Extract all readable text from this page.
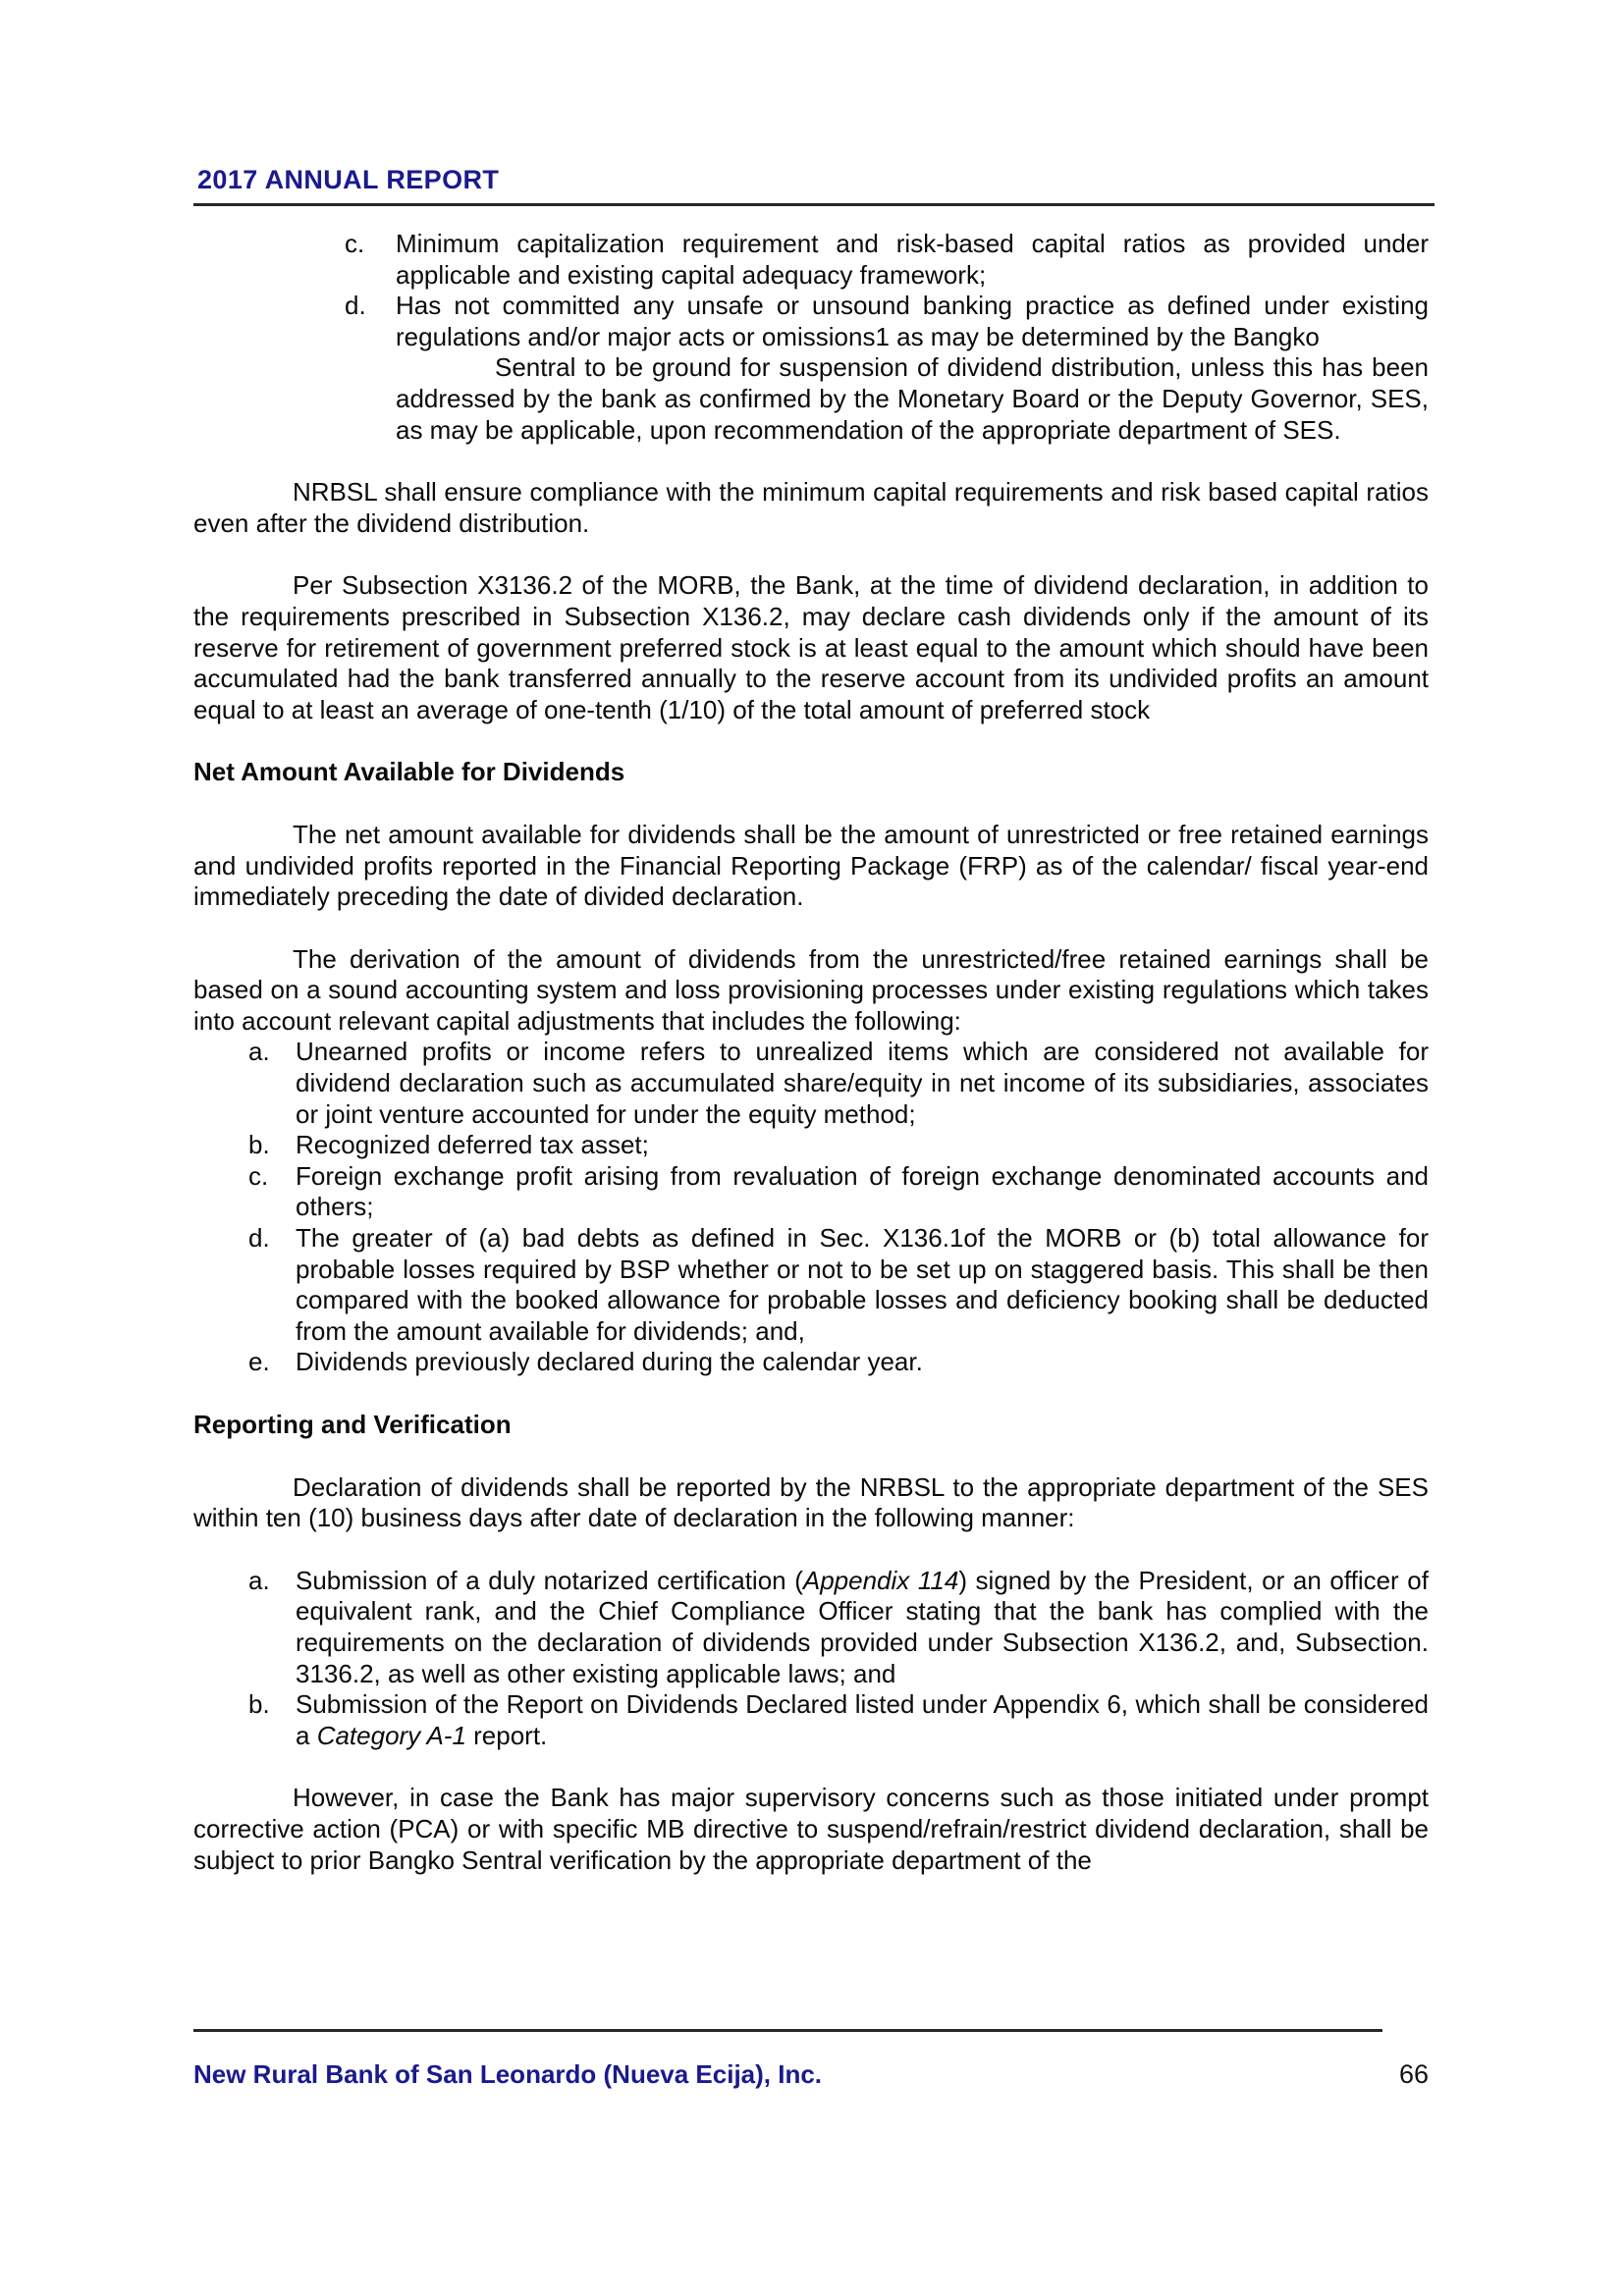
2017 ANNUAL REPORT
c. Minimum capitalization requirement and risk-based capital ratios as provided under applicable and existing capital adequacy framework;
d. Has not committed any unsafe or unsound banking practice as defined under existing regulations and/or major acts or omissions1 as may be determined by the Bangko
Sentral to be ground for suspension of dividend distribution, unless this has been addressed by the bank as confirmed by the Monetary Board or the Deputy Governor, SES, as may be applicable, upon recommendation of the appropriate department of SES.

NRBSL shall ensure compliance with the minimum capital requirements and risk based capital ratios even after the dividend distribution.

Per Subsection X3136.2 of the MORB, the Bank, at the time of dividend declaration, in addition to the requirements prescribed in Subsection X136.2, may declare cash dividends only if the amount of its reserve for retirement of government preferred stock is at least equal to the amount which should have been accumulated had the bank transferred annually to the reserve account from its undivided profits an amount equal to at least an average of one-tenth (1/10) of the total amount of preferred stock

Net Amount Available for Dividends

The net amount available for dividends shall be the amount of unrestricted or free retained earnings and undivided profits reported in the Financial Reporting Package (FRP) as of the calendar/ fiscal year-end immediately preceding the date of divided declaration.

The derivation of the amount of dividends from the unrestricted/free retained earnings shall be based on a sound accounting system and loss provisioning processes under existing regulations which takes into account relevant capital adjustments that includes the following:

a. Unearned profits or income refers to unrealized items which are considered not available for dividend declaration such as accumulated share/equity in net income of its subsidiaries, associates or joint venture accounted for under the equity method;
b. Recognized deferred tax asset;
c. Foreign exchange profit arising from revaluation of foreign exchange denominated accounts and others;
d. The greater of (a) bad debts as defined in Sec. X136.1of the MORB or (b) total allowance for probable losses required by BSP whether or not to be set up on staggered basis. This shall be then compared with the booked allowance for probable losses and deficiency booking shall be deducted from the amount available for dividends; and,
e. Dividends previously declared during the calendar year.

Reporting and Verification

Declaration of dividends shall be reported by the NRBSL to the appropriate department of the SES within ten (10) business days after date of declaration in the following manner:

a. Submission of a duly notarized certification (Appendix 114) signed by the President, or an officer of equivalent rank, and the Chief Compliance Officer stating that the bank has complied with the requirements on the declaration of dividends provided under Subsection X136.2, and, Subsection. 3136.2, as well as other existing applicable laws; and
b. Submission of the Report on Dividends Declared listed under Appendix 6, which shall be considered a Category A-1 report.

However, in case the Bank has major supervisory concerns such as those initiated under prompt corrective action (PCA) or with specific MB directive to suspend/refrain/restrict dividend declaration, shall be subject to prior Bangko Sentral verification by the appropriate department of the

New Rural Bank of San Leonardo (Nueva Ecija), Inc.	66
